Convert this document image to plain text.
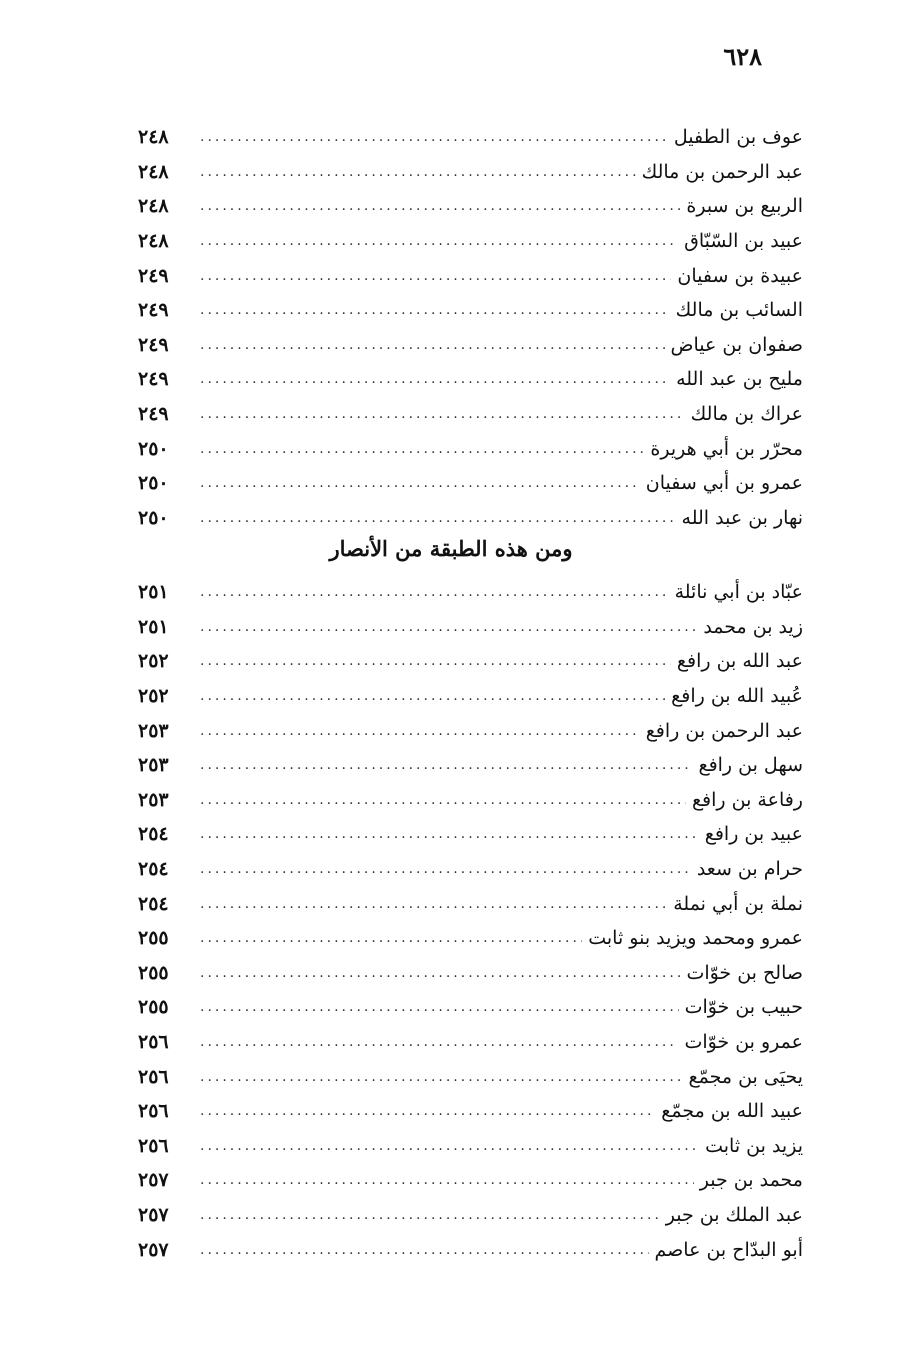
٦٢٨
عوف بن الطفيل
.....
٢٤٨
عبد الرحمن بن مالك
.....
٢٤٨
الربيع بن سبرة
.....
٢٤٨
عبيد بن السّبّاق
.....
٢٤٨
عبيدة بن سفيان
.....
٢٤٩
السائب بن مالك
.....
٢٤٩
صفوان بن عياض
.....
٢٤٩
مليح بن عبد الله
.....
٢٤٩
عراك بن مالك
.....
٢٤٩
محرّر بن أبي هريرة
.....
٢٥٠
عمرو بن أبي سفيان
.....
٢٥٠
نهار بن عبد الله
.....
٢٥٠
ومن هذه الطبقة من الأنصار
عبّاد بن أبي نائلة
.....
٢٥١
زيد بن محمد
.....
٢٥١
عبد الله بن رافع
.....
٢٥٢
عُبيد الله بن رافع
.....
٢٥٢
عبد الرحمن بن رافع
.....
٢٥٣
سهل بن رافع
.....
٢٥٣
رفاعة بن رافع
.....
٢٥٣
عبيد بن رافع
.....
٢٥٤
حرام بن سعد
.....
٢٥٤
نملة بن أبي نملة
.....
٢٥٤
عمرو ومحمد ويزيد بنو ثابت
.....
٢٥٥
صالح بن خوّات
.....
٢٥٥
حبيب بن خوّات
.....
٢٥٥
عمرو بن خوّات
.....
٢٥٦
يحيَى بن مجمّع
.....
٢٥٦
عبيد الله بن مجمّع
.....
٢٥٦
يزيد بن ثابت
.....
٢٥٦
محمد بن جبر
.....
٢٥٧
عبد الملك بن جبر
.....
٢٥٧
أبو البدّاح بن عاصم
.....
٢٥٧
